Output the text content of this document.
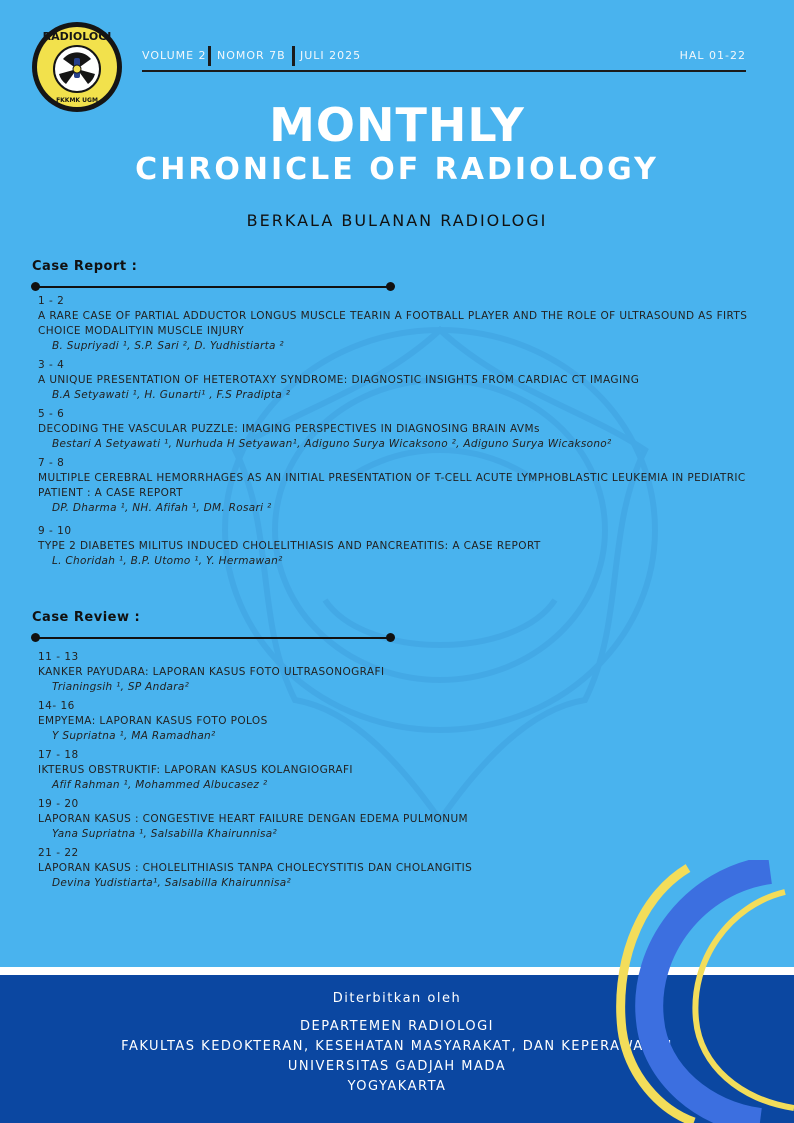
RADIOLOGI
FKKMK UGM
VOLUME 2 NOMOR 7B JULI 2025	HAL 01-22
MONTHLY
CHRONICLE OF RADIOLOGY
BERKALA BULANAN RADIOLOGI
Case Report :
1 - 2
A RARE CASE OF PARTIAL ADDUCTOR LONGUS MUSCLE TEARIN A FOOTBALL PLAYER AND THE ROLE OF ULTRASOUND AS FIRTS CHOICE MODALITYIN MUSCLE INJURY
B. Supriyadi ¹, S.P. Sari ², D. Yudhistiarta ²
3 - 4
A UNIQUE PRESENTATION OF HETEROTAXY SYNDROME: DIAGNOSTIC INSIGHTS FROM CARDIAC CT IMAGING
B.A Setyawati ¹, H. Gunarti¹ , F.S Pradipta ²
5 - 6
DECODING THE VASCULAR PUZZLE: IMAGING PERSPECTIVES IN DIAGNOSING BRAIN AVMs
Bestari A Setyawati ¹, Nurhuda H Setyawan¹, Adiguno Surya Wicaksono ², Adiguno Surya Wicaksono²
7 - 8
MULTIPLE CEREBRAL HEMORRHAGES AS AN INITIAL PRESENTATION OF T-CELL ACUTE LYMPHOBLASTIC LEUKEMIA IN PEDIATRIC PATIENT : A CASE REPORT
DP. Dharma ¹, NH. Afifah ¹, DM. Rosari ²
9 - 10
TYPE 2 DIABETES MILITUS INDUCED CHOLELITHIASIS AND PANCREATITIS: A CASE REPORT
L. Choridah ¹, B.P. Utomo ¹, Y. Hermawan²
Case Review :
11 - 13
KANKER PAYUDARA: LAPORAN KASUS FOTO ULTRASONOGRAFI
Trianingsih ¹, SP Andara²
14- 16
EMPYEMA: LAPORAN KASUS FOTO POLOS
Y Supriatna ¹, MA Ramadhan²
17 - 18
IKTERUS OBSTRUKTIF: LAPORAN KASUS KOLANGIOGRAFI
Afif Rahman ¹, Mohammed Albucasez ²
19 - 20
LAPORAN KASUS : CONGESTIVE HEART FAILURE DENGAN EDEMA PULMONUM
Yana Supriatna ¹, Salsabilla Khairunnisa²
21 - 22
LAPORAN KASUS : CHOLELITHIASIS TANPA CHOLECYSTITIS DAN CHOLANGITIS
Devina Yudistiarta¹, Salsabilla Khairunnisa²
Diterbitkan oleh
DEPARTEMEN RADIOLOGI
FAKULTAS KEDOKTERAN, KESEHATAN MASYARAKAT, DAN KEPERAWATAN
UNIVERSITAS GADJAH MADA
YOGYAKARTA
